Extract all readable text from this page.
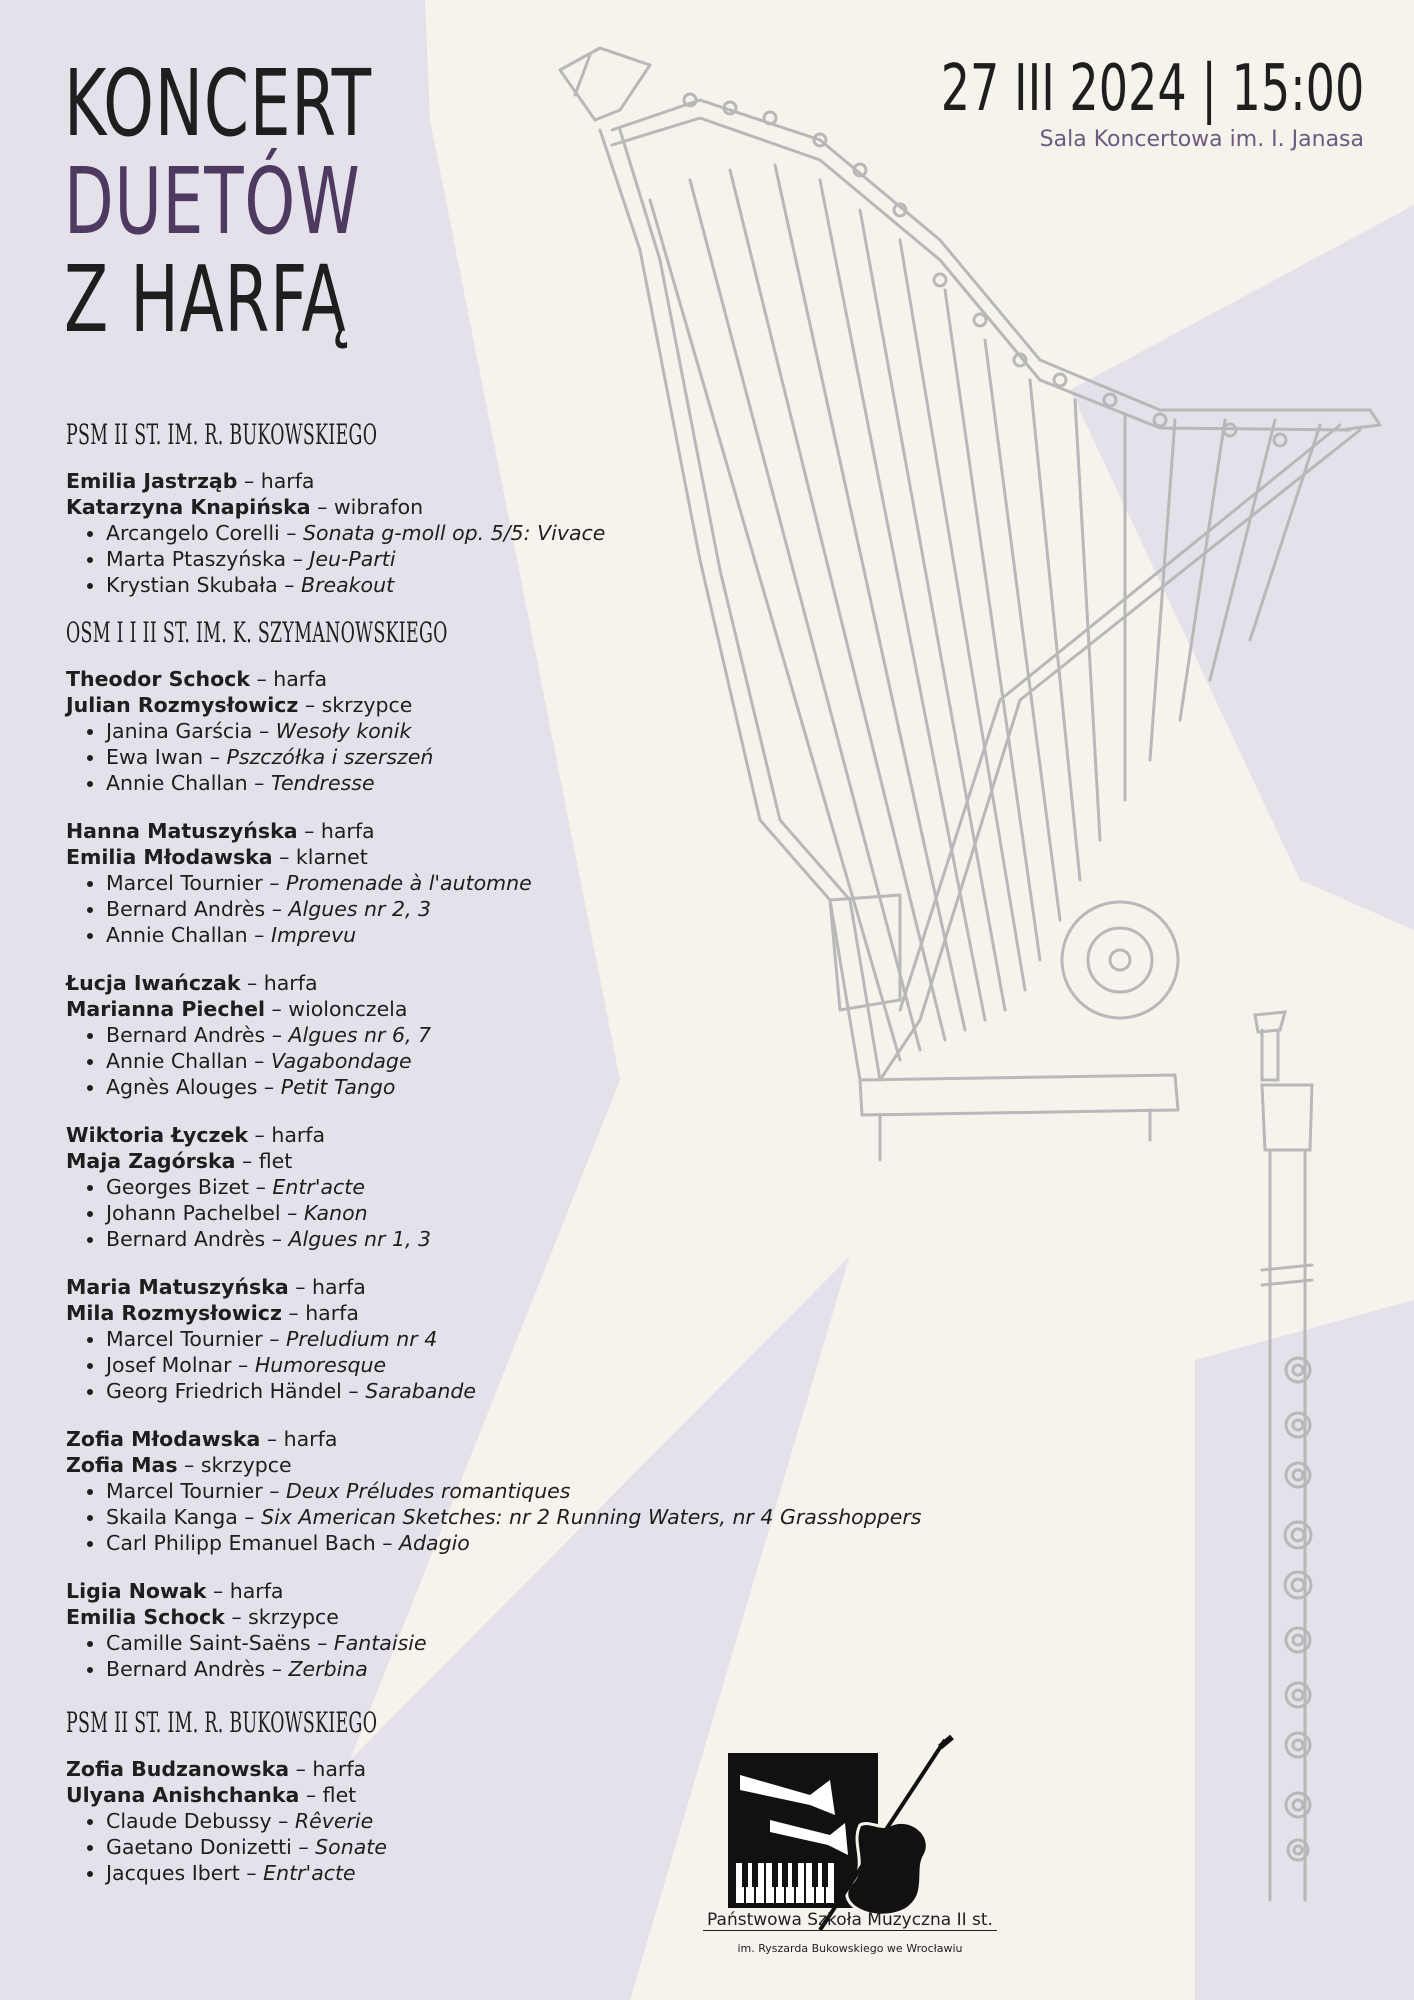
KONCERT
DUETÓW
Z HARFĄ
27 III 2024 | 15:00
Sala Koncertowa im. I. Janasa
PSM II ST. IM. R. BUKOWSKIEGO
Emilia Jastrząb – harfa
Katarzyna Knapińska – wibrafon
• Arcangelo Corelli – Sonata g-moll op. 5/5: Vivace
• Marta Ptaszyńska – Jeu-Parti
• Krystian Skubała – Breakout
OSM I I II ST. IM. K. SZYMANOWSKIEGO
Theodor Schock – harfa
Julian Rozmysłowicz – skrzypce
• Janina Garścia – Wesoły konik
• Ewa Iwan – Pszczółka i szerszeń
• Annie Challan – Tendresse
Hanna Matuszyńska – harfa
Emilia Młodawska – klarnet
• Marcel Tournier – Promenade à l'automne
• Bernard Andrès – Algues nr 2, 3
• Annie Challan – Imprevu
Łucja Iwańczak – harfa
Marianna Piechel – wiolonczela
• Bernard Andrès – Algues nr 6, 7
• Annie Challan – Vagabondage
• Agnès Alouges – Petit Tango
Wiktoria Łyczek – harfa
Maja Zagórska – flet
• Georges Bizet – Entr'acte
• Johann Pachelbel – Kanon
• Bernard Andrès – Algues nr 1, 3
Maria Matuszyńska – harfa
Mila Rozmysłowicz – harfa
• Marcel Tournier – Preludium nr 4
• Josef Molnar – Humoresque
• Georg Friedrich Händel – Sarabande
Zofia Młodawska – harfa
Zofia Mas – skrzypce
• Marcel Tournier – Deux Préludes romantiques
• Skaila Kanga – Six American Sketches: nr 2 Running Waters, nr 4 Grasshoppers
• Carl Philipp Emanuel Bach – Adagio
Ligia Nowak – harfa
Emilia Schock – skrzypce
• Camille Saint-Saëns – Fantaisie
• Bernard Andrès – Zerbina
PSM II ST. IM. R. BUKOWSKIEGO
Zofia Budzanowska – harfa
Ulyana Anishchanka – flet
• Claude Debussy – Rêverie
• Gaetano Donizetti – Sonate
• Jacques Ibert – Entr'acte
Państwowa Szkoła Muzyczna II st.
im. Ryszarda Bukowskiego we Wrocławiu
